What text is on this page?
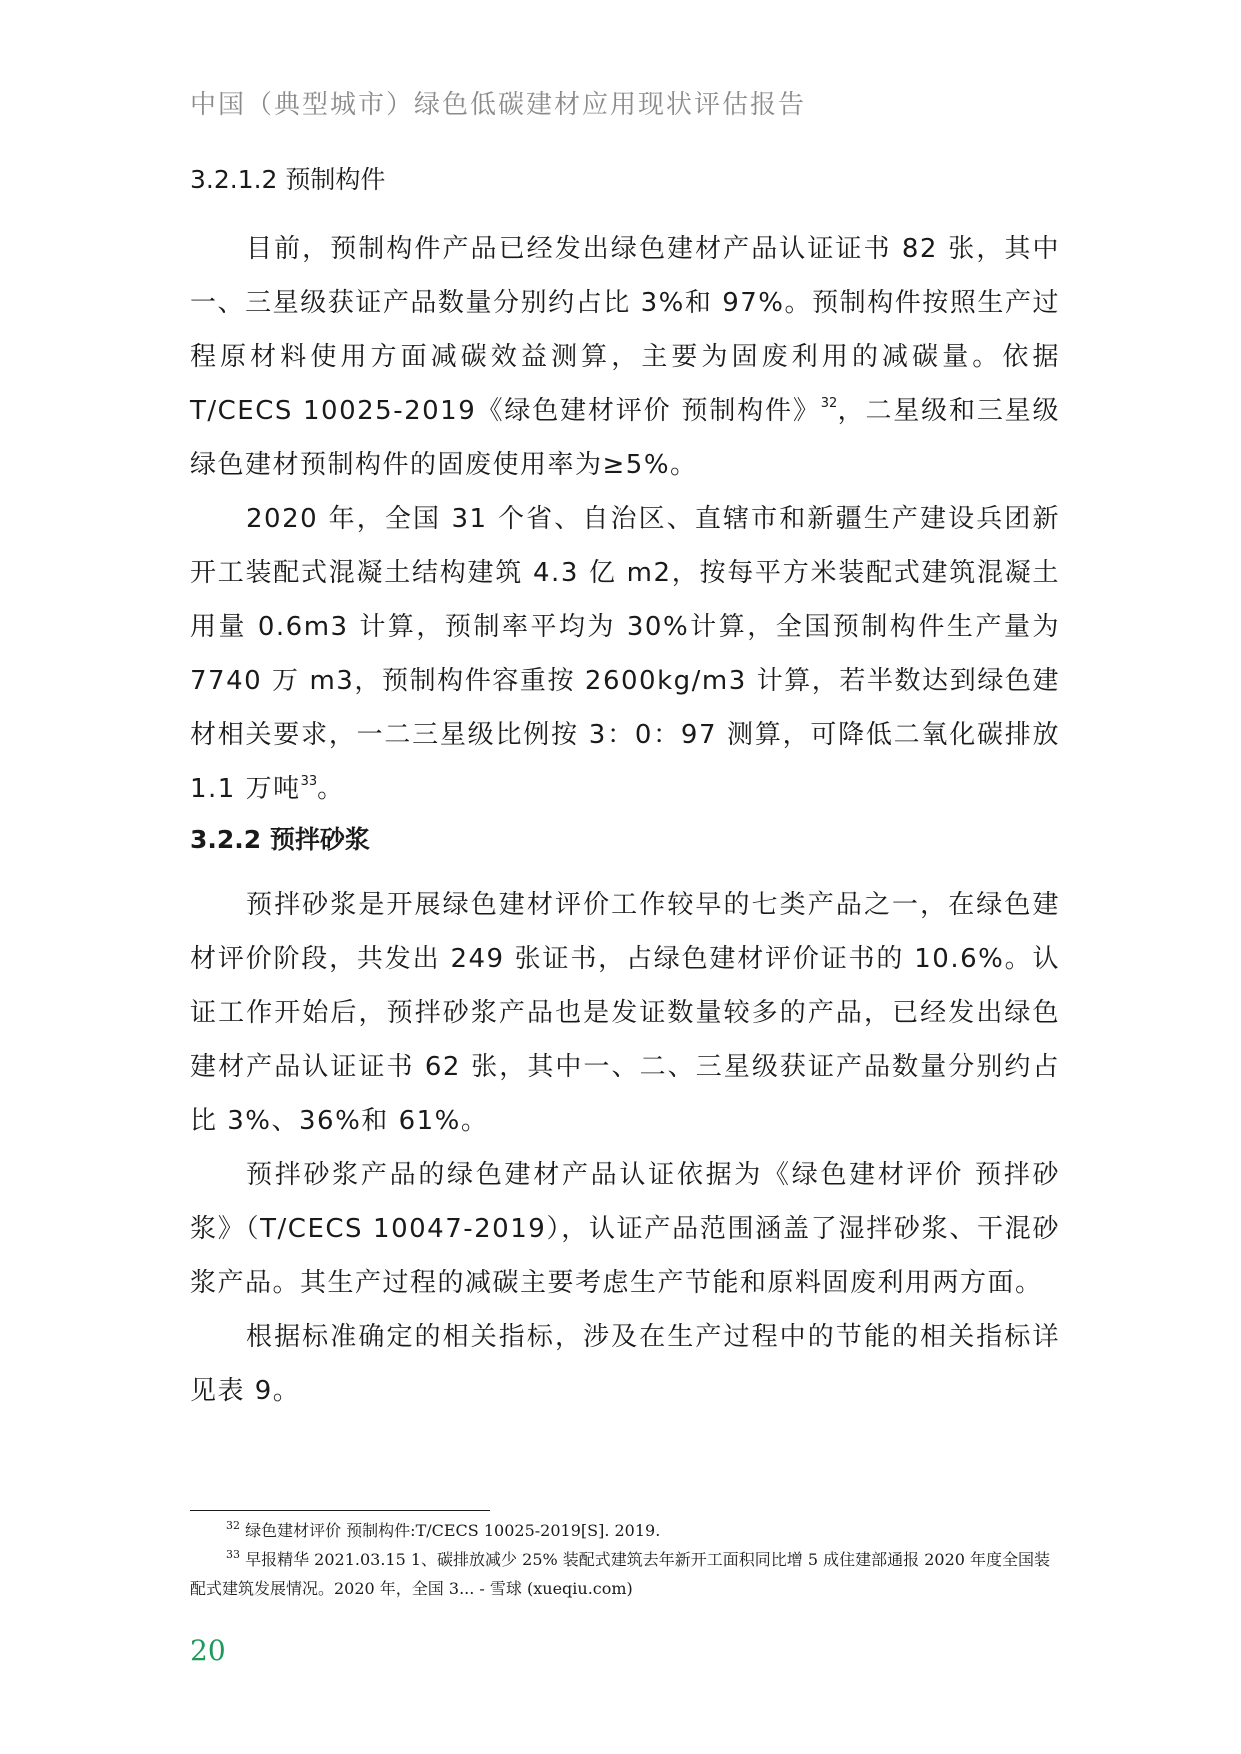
中国（典型城市）绿色低碳建材应用现状评估报告
3.2.1.2 预制构件

目前，预制构件产品已经发出绿色建材产品认证证书 82 张，其中一、三星级获证产品数量分别约占比 3%和 97%。预制构件按照生产过程原材料使用方面减碳效益测算，主要为固废利用的减碳量。依据 T/CECS 10025-2019《绿色建材评价 预制构件》$^{32}$，二星级和三星级绿色建材预制构件的固废使用率为≥5%。

2020 年，全国 31 个省、自治区、直辖市和新疆生产建设兵团新开工装配式混凝土结构建筑 4.3 亿 m2，按每平方米装配式建筑混凝土用量 0.6m3 计算，预制率平均为 30%计算，全国预制构件生产量为 7740 万 m3，预制构件容重按 2600kg/m3 计算，若半数达到绿色建材相关要求，一二三星级比例按 3：0：97 测算，可降低二氧化碳排放 1.1 万吨$^{33}$。

3.2.2 预拌砂浆

预拌砂浆是开展绿色建材评价工作较早的七类产品之一，在绿色建材评价阶段，共发出 249 张证书，占绿色建材评价证书的 10.6%。认证工作开始后，预拌砂浆产品也是发证数量较多的产品，已经发出绿色建材产品认证证书 62 张，其中一、二、三星级获证产品数量分别约占比 3%、36%和 61%。

预拌砂浆产品的绿色建材产品认证依据为《绿色建材评价 预拌砂浆》（T/CECS 10047-2019），认证产品范围涵盖了湿拌砂浆、干混砂浆产品。其生产过程的减碳主要考虑生产节能和原料固废利用两方面。

根据标准确定的相关指标，涉及在生产过程中的节能的相关指标详见表 9。

$^{32}$ 绿色建材评价 预制构件:T/CECS 10025-2019[S]. 2019.

$^{33}$ 早报精华 2021.03.15 1、碳排放减少 25% 装配式建筑去年新开工面积同比增 5 成住建部通报 2020 年度全国装配式建筑发展情况。2020 年，全国 3... - 雪球 (xueqiu.com)

20
